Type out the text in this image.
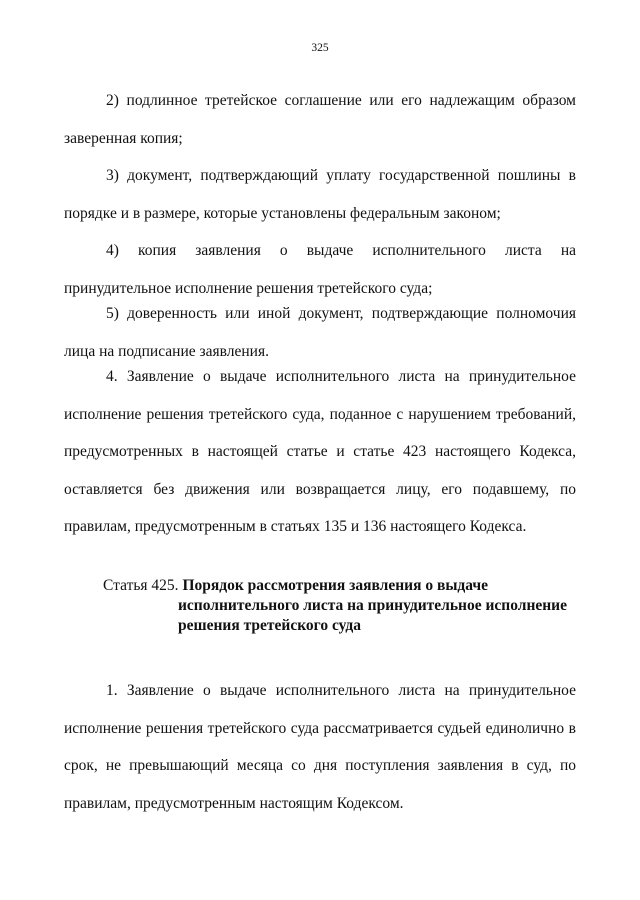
325

2) подлинное третейское соглашение или его надлежащим образом заверенная копия;

3) документ, подтверждающий уплату государственной пошлины в порядке и в размере, которые установлены федеральным законом;

4) копия заявления о выдаче исполнительного листа на принудительное исполнение решения третейского суда;

5) доверенность или иной документ, подтверждающие полномочия лица на подписание заявления.

4. Заявление о выдаче исполнительного листа на принудительное исполнение решения третейского суда, поданное с нарушением требований, предусмотренных в настоящей статье и статье 423 настоящего Кодекса, оставляется без движения или возвращается лицу, его подавшему, по правилам, предусмотренным в статьях 135 и 136 настоящего Кодекса.

Статья 425. Порядок рассмотрения заявления о выдаче
исполнительного листа на принудительное исполнение
решения третейского суда

1. Заявление о выдаче исполнительного листа на принудительное исполнение решения третейского суда рассматривается судьей единолично в срок, не превышающий месяца со дня поступления заявления в суд, по правилам, предусмотренным настоящим Кодексом.
